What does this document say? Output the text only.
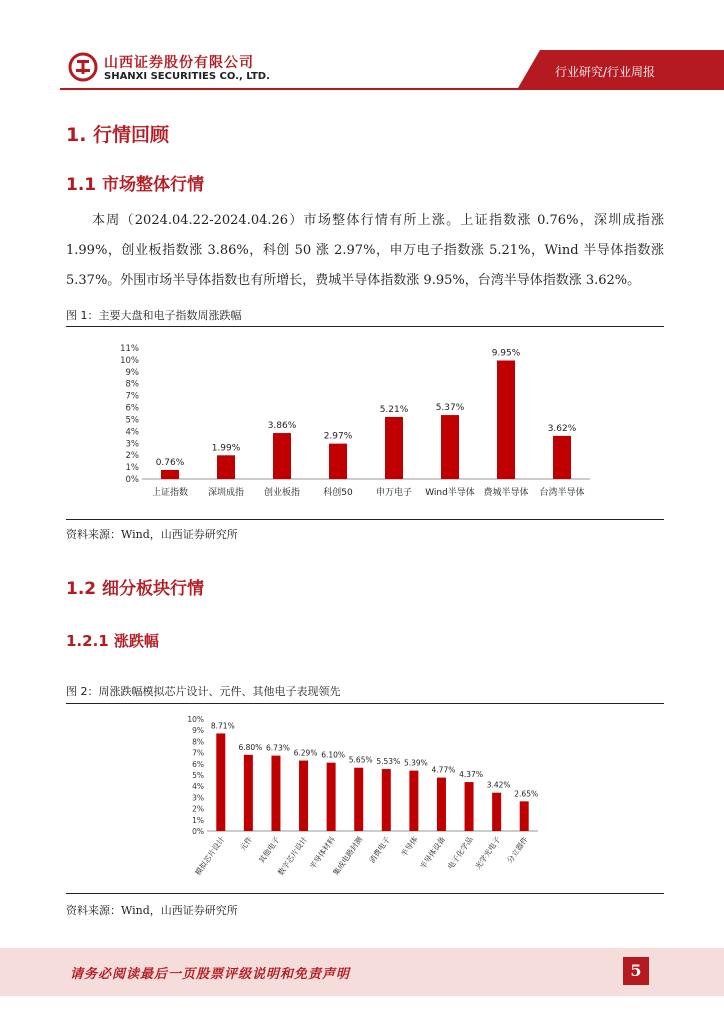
山西证券股份有限公司
SHANXI SECURITIES CO., LTD.	行业研究/行业周报
1. 行情回顾
1.1 市场整体行情
本周（2024.04.22-2024.04.26）市场整体行情有所上涨。上证指数涨 0.76%，深圳成指涨 1.99%，创业板指数涨 3.86%，科创 50 涨 2.97%，申万电子指数涨 5.21%，Wind 半导体指数涨 5.37%。外围市场半导体指数也有所增长，费城半导体指数涨 9.95%，台湾半导体指数涨 3.62%。
图 1：主要大盘和电子指数周涨跌幅
0%
1%
2%
3%
4%
5%
6%
7%
8%
9%
10%
11%
0.76%
上证指数
1.99%
深圳成指
3.86%
创业板指
2.97%
科创50
5.21%
申万电子
5.37%
Wind半导体
9.95%
费城半导体
3.62%
台湾半导体
资料来源：Wind，山西证券研究所
1.2 细分板块行情
1.2.1 涨跌幅
图 2：周涨跌幅模拟芯片设计、元件、其他电子表现领先
0%
1%
2%
3%
4%
5%
6%
7%
8%
9%
10%
8.71%
模拟芯片设计
6.80%
元件
6.73%
其他电子
6.29%
数字芯片设计
6.10%
半导体材料
5.65%
集成电路封测
5.53%
消费电子
5.39%
半导体
4.77%
半导体设备
4.37%
电子化学品
3.42%
光学光电子
2.65%
分立器件
资料来源：Wind，山西证券研究所
请务必阅读最后一页股票评级说明和免责声明	5
